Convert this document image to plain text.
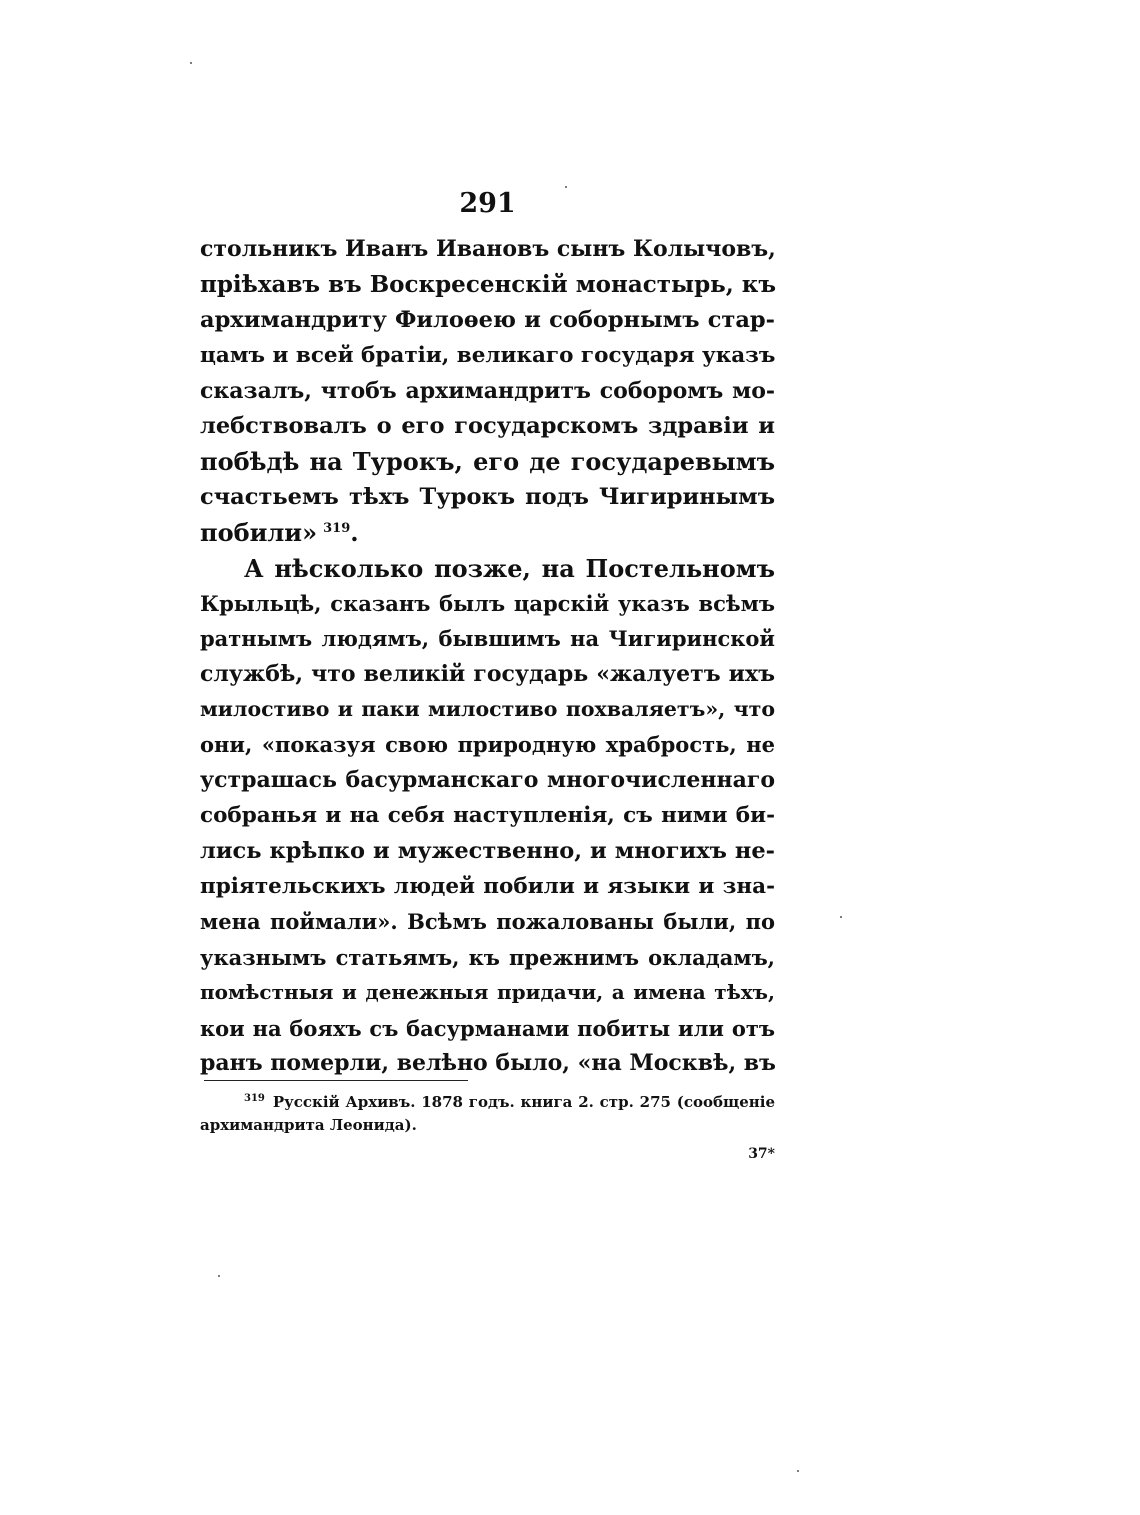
291
стольникъ Иванъ Ивановъ сынъ Колычовъ,
прiѣхавъ въ Воскресенскiй монастырь, къ
архимандриту Филоѳею и соборнымъ стар-
цамъ и всей братiи, великаго государя указъ
сказалъ, чтобъ архимандритъ соборомъ мо-
лебствовалъ о его государскомъ здравiи и
побѣдѣ на Турокъ, его де государевымъ
счастьемъ тѣхъ Турокъ подъ Чигиринымъ
побили» $^{319}$.
А нѣсколько позже, на Постельномъ
Крыльцѣ, сказанъ былъ царскiй указъ всѣмъ
ратнымъ людямъ, бывшимъ на Чигиринской
службѣ, что великiй государь «жалуетъ ихъ
милостиво и паки милостиво похваляетъ», что
они, «показуя свою природную храбрость, не
устрашась басурманскаго многочисленнаго
собранья и на себя наступленiя, съ ними би-
лись крѣпко и мужественно, и многихъ не-
прiятельскихъ людей побили и языки и зна-
мена поймали». Всѣмъ пожалованы были, по
указнымъ статьямъ, къ прежнимъ окладамъ,
помѣстныя и денежныя придачи, а имена тѣхъ,
кои на бояхъ съ басурманами побиты или отъ
ранъ померли, велѣно было, «на Москвѣ, въ
$^{319}$ Русскiй Архивъ. 1878 годъ. книга 2. стр. 275 (сообщенiе
архимандрита Леонида).
37*
